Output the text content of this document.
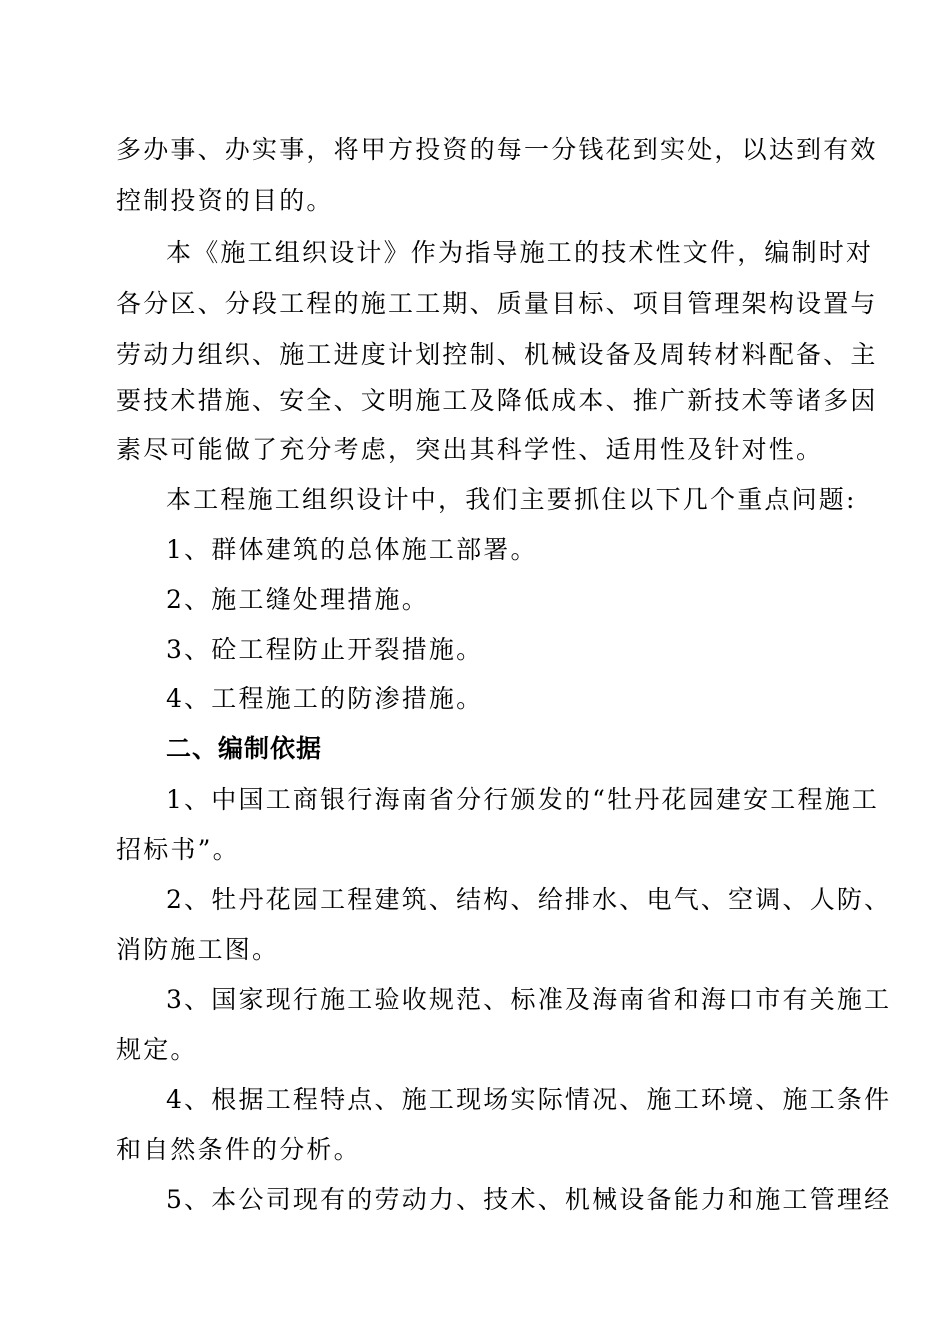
多办事、办实事，将甲方投资的每一分钱花到实处，以达到有效
控制投资的目的。
本《施工组织设计》作为指导施工的技术性文件，编制时对
各分区、分段工程的施工工期、质量目标、项目管理架构设置与
劳动力组织、施工进度计划控制、机械设备及周转材料配备、主
要技术措施、安全、文明施工及降低成本、推广新技术等诸多因
素尽可能做了充分考虑，突出其科学性、适用性及针对性。
本工程施工组织设计中，我们主要抓住以下几个重点问题:
1、群体建筑的总体施工部署。
2、施工缝处理措施。
3、砼工程防止开裂措施。
4、工程施工的防渗措施。
二、编制依据
1、中国工商银行海南省分行颁发的“牡丹花园建安工程施工
招标书”。
2、牡丹花园工程建筑、结构、给排水、电气、空调、人防、
消防施工图。
3、国家现行施工验收规范、标准及海南省和海口市有关施工
规定。
4、根据工程特点、施工现场实际情况、施工环境、施工条件
和自然条件的分析。
5、本公司现有的劳动力、技术、机械设备能力和施工管理经
